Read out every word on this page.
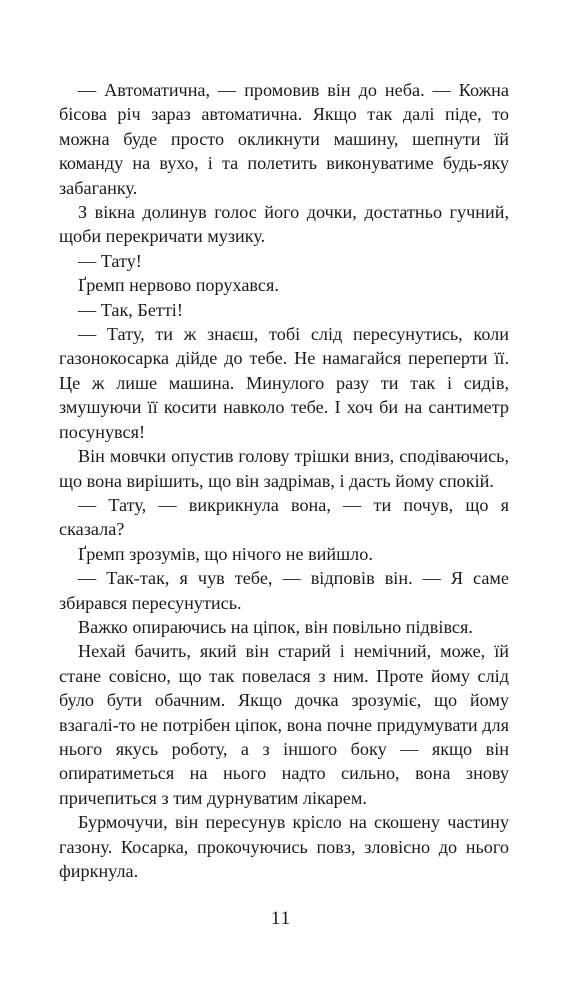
— Автоматична, — промовив він до неба. — Кожна бісова річ зараз автоматична. Якщо так далі піде, то можна буде просто окликнути машину, шепнути їй команду на вухо, і та полетить виконуватиме будь-яку забаганку.

З вікна долинув голос його дочки, достатньо гучний, щоби перекричати музику.

— Тату!

Ґремп нервово порухався.

— Так, Бетті!

— Тату, ти ж знаєш, тобі слід пересунутись, коли газонокосарка дійде до тебе. Не намагайся переперти її. Це ж лише машина. Минулого разу ти так і сидів, змушуючи її косити навколо тебе. І хоч би на сантиметр посунувся!

Він мовчки опустив голову трішки вниз, сподіваючись, що вона вирішить, що він задрімав, і дасть йому спокій.

— Тату, — викрикнула вона, — ти почув, що я сказала?

Ґремп зрозумів, що нічого не вийшло.

— Так-так, я чув тебе, — відповів він. — Я саме збирався пересунутись.

Важко опираючись на ціпок, він повільно підвівся.

Нехай бачить, який він старий і немічний, може, їй стане совісно, що так повелася з ним. Проте йому слід було бути обачним. Якщо дочка зрозуміє, що йому взагалі-то не потрібен ціпок, вона почне придумувати для нього якусь роботу, а з іншого боку — якщо він опиратиметься на нього надто сильно, вона знову причепиться з тим дурнуватим лікарем.

Бурмочучи, він пересунув крісло на скошену частину газону. Косарка, прокочуючись повз, зловісно до нього фиркнула.

11
